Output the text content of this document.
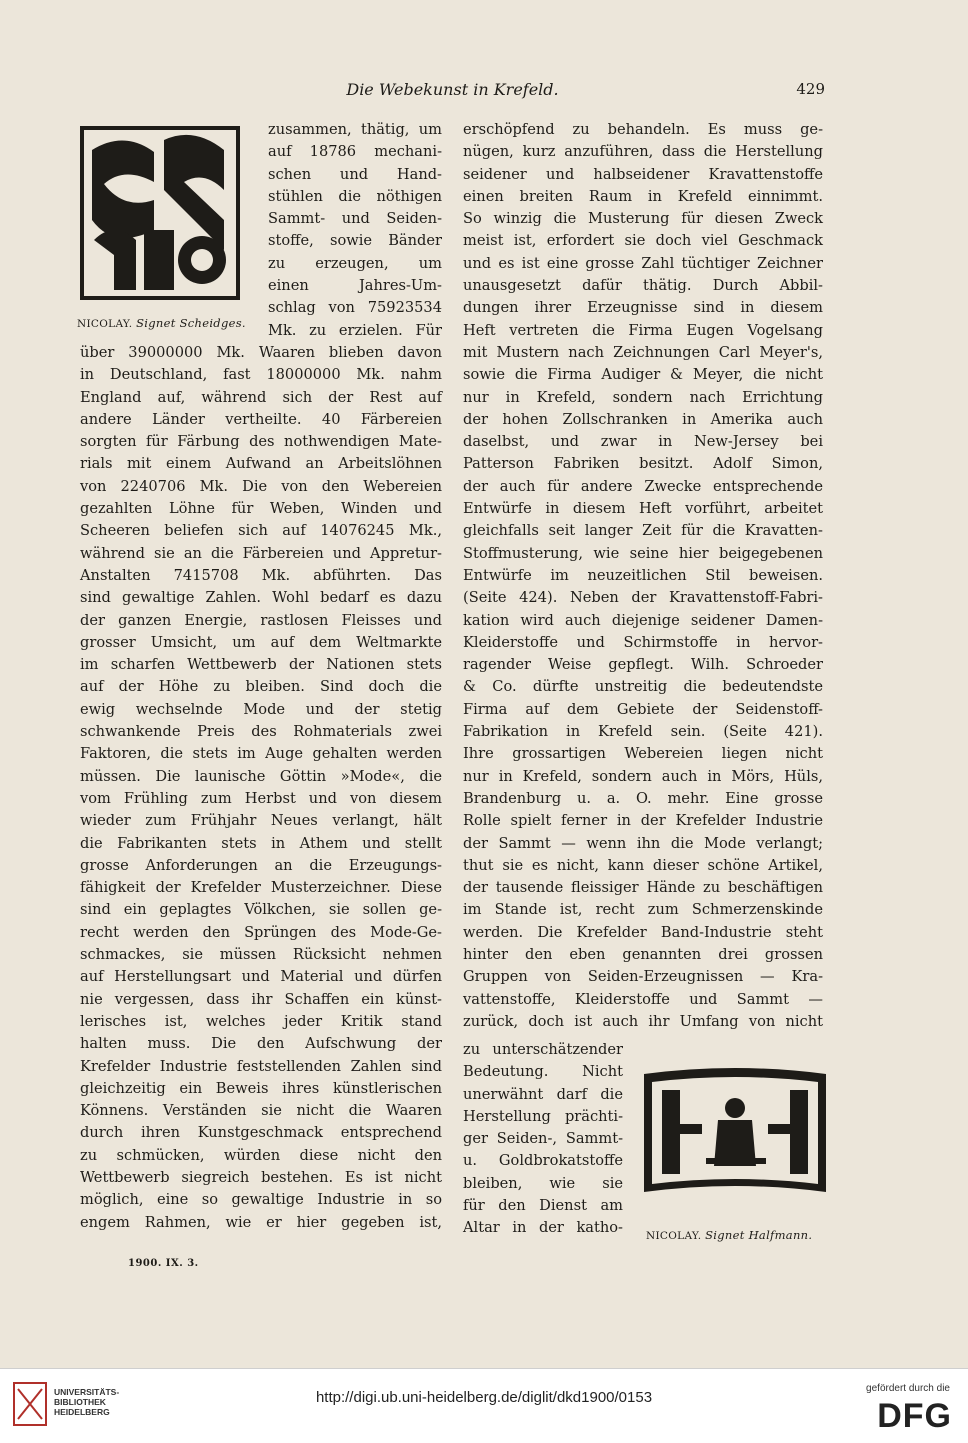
Die Webekunst in Krefeld.	429
NICOLAY. Signet Scheidges.
zusammen, thätig, um
auf 18786 mechani-
schen und Hand-
stühlen die nöthigen
Sammt- und Seiden-
stoffe, sowie Bänder
zu erzeugen, um
einen Jahres-Um-
schlag von 75923534
Mk. zu erzielen. Für
über 39000000 Mk. Waaren blieben davon
in Deutschland, fast 18000000 Mk. nahm
England auf, während sich der Rest auf
andere Länder vertheilte. 40 Färbereien
sorgten für Färbung des nothwendigen Mate-
rials mit einem Aufwand an Arbeitslöhnen
von 2240706 Mk. Die von den Webereien
gezahlten Löhne für Weben, Winden und
Scheeren beliefen sich auf 14076245 Mk.,
während sie an die Färbereien und Appretur-
Anstalten 7415708 Mk. abführten. Das
sind gewaltige Zahlen. Wohl bedarf es dazu
der ganzen Energie, rastlosen Fleisses und
grosser Umsicht, um auf dem Weltmarkte
im scharfen Wettbewerb der Nationen stets
auf der Höhe zu bleiben. Sind doch die
ewig wechselnde Mode und der stetig
schwankende Preis des Rohmaterials zwei
Faktoren, die stets im Auge gehalten werden
müssen. Die launische Göttin »Mode«, die
vom Frühling zum Herbst und von diesem
wieder zum Frühjahr Neues verlangt, hält
die Fabrikanten stets in Athem und stellt
grosse Anforderungen an die Erzeugungs-
fähigkeit der Krefelder Musterzeichner. Diese
sind ein geplagtes Völkchen, sie sollen ge-
recht werden den Sprüngen des Mode-Ge-
schmackes, sie müssen Rücksicht nehmen
auf Herstellungsart und Material und dürfen
nie vergessen, dass ihr Schaffen ein künst-
lerisches ist, welches jeder Kritik stand
halten muss. Die den Aufschwung der
Krefelder Industrie feststellenden Zahlen sind
gleichzeitig ein Beweis ihres künstlerischen
Könnens. Verständen sie nicht die Waaren
durch ihren Kunstgeschmack entsprechend
zu schmücken, würden diese nicht den
Wettbewerb siegreich bestehen. Es ist nicht
möglich, eine so gewaltige Industrie in so
engem Rahmen, wie er hier gegeben ist,
erschöpfend zu behandeln. Es muss ge-
nügen, kurz anzuführen, dass die Herstellung
seidener und halbseidener Kravattenstoffe
einen breiten Raum in Krefeld einnimmt.
So winzig die Musterung für diesen Zweck
meist ist, erfordert sie doch viel Geschmack
und es ist eine grosse Zahl tüchtiger Zeichner
unausgesetzt dafür thätig. Durch Abbil-
dungen ihrer Erzeugnisse sind in diesem
Heft vertreten die Firma Eugen Vogelsang
mit Mustern nach Zeichnungen Carl Meyer's,
sowie die Firma Audiger & Meyer, die nicht
nur in Krefeld, sondern nach Errichtung
der hohen Zollschranken in Amerika auch
daselbst, und zwar in New-Jersey bei
Patterson Fabriken besitzt. Adolf Simon,
der auch für andere Zwecke entsprechende
Entwürfe in diesem Heft vorführt, arbeitet
gleichfalls seit langer Zeit für die Kravatten-
Stoffmusterung, wie seine hier beigegebenen
Entwürfe im neuzeitlichen Stil beweisen.
(Seite 424). Neben der Kravattenstoff-Fabri-
kation wird auch diejenige seidener Damen-
Kleiderstoffe und Schirmstoffe in hervor-
ragender Weise gepflegt. Wilh. Schroeder
& Co. dürfte unstreitig die bedeutendste
Firma auf dem Gebiete der Seidenstoff-
Fabrikation in Krefeld sein. (Seite 421).
Ihre grossartigen Webereien liegen nicht
nur in Krefeld, sondern auch in Mörs, Hüls,
Brandenburg u. a. O. mehr. Eine grosse
Rolle spielt ferner in der Krefelder Industrie
der Sammt — wenn ihn die Mode verlangt;
thut sie es nicht, kann dieser schöne Artikel,
der tausende fleissiger Hände zu beschäftigen
im Stande ist, recht zum Schmerzenskinde
werden. Die Krefelder Band-Industrie steht
hinter den eben genannten drei grossen
Gruppen von Seiden-Erzeugnissen — Kra-
vattenstoffe, Kleiderstoffe und Sammt —
zurück, doch ist auch ihr Umfang von nicht
zu unterschätzender
Bedeutung. Nicht
unerwähnt darf die
Herstellung prächti-
ger Seiden-, Sammt-
u. Goldbrokatstoffe
bleiben, wie sie
für den Dienst am
Altar in der katho- NICOLAY. Signet Halfmann.
1900. IX. 3.
UNIVERSITÄTS-
BIBLIOTHEK
HEIDELBERG
http://digi.ub.uni-heidelberg.de/diglit/dkd1900/0153
gefördert durch die
DFG
